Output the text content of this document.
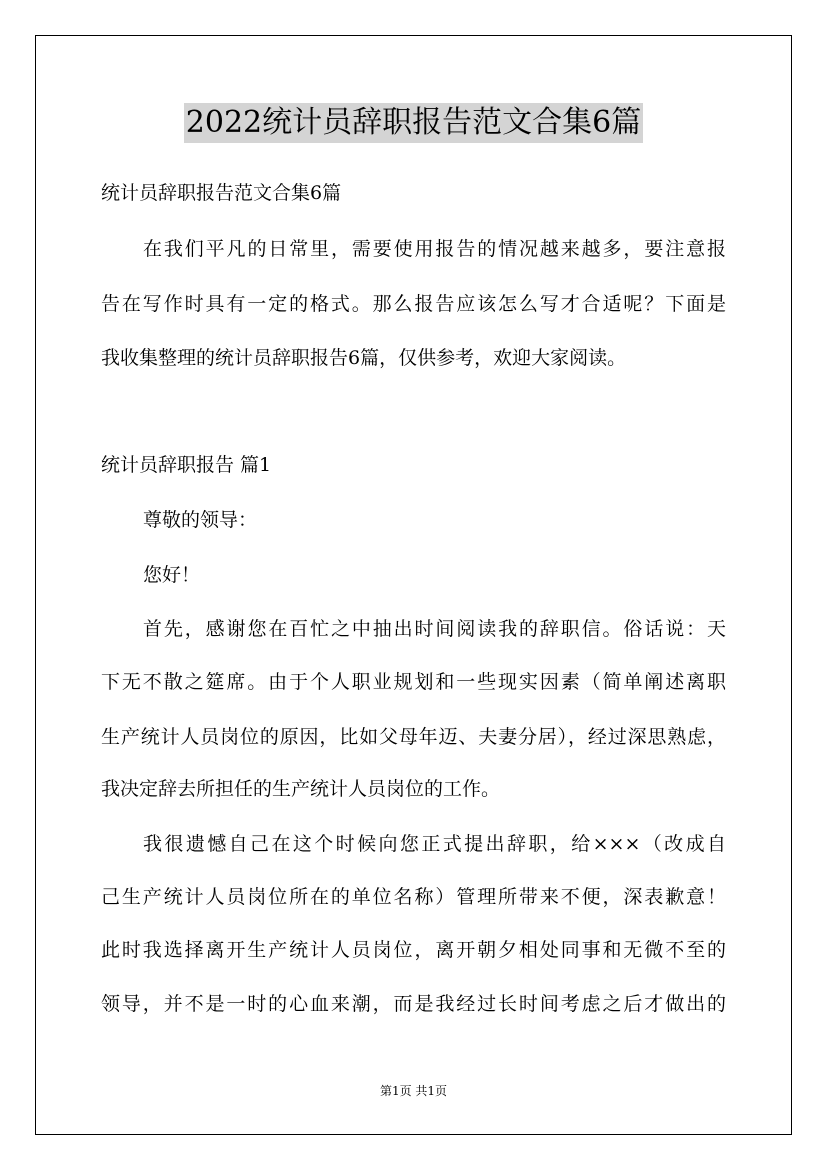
2022统计员辞职报告范文合集6篇
统计员辞职报告范文合集6篇
在我们平凡的日常里，需要使用报告的情况越来越多，要注意报
告在写作时具有一定的格式。那么报告应该怎么写才合适呢？下面是
我收集整理的统计员辞职报告6篇，仅供参考，欢迎大家阅读。
统计员辞职报告 篇1
尊敬的领导：
您好！
首先，感谢您在百忙之中抽出时间阅读我的辞职信。俗话说：天
下无不散之筵席。由于个人职业规划和一些现实因素（简单阐述离职
生产统计人员岗位的原因，比如父母年迈、夫妻分居），经过深思熟虑，
我决定辞去所担任的生产统计人员岗位的工作。
我很遗憾自己在这个时候向您正式提出辞职，给×××（改成自
己生产统计人员岗位所在的单位名称）管理所带来不便，深表歉意！
此时我选择离开生产统计人员岗位，离开朝夕相处同事和无微不至的
领导，并不是一时的心血来潮，而是我经过长时间考虑之后才做出的
第1页 共1页
